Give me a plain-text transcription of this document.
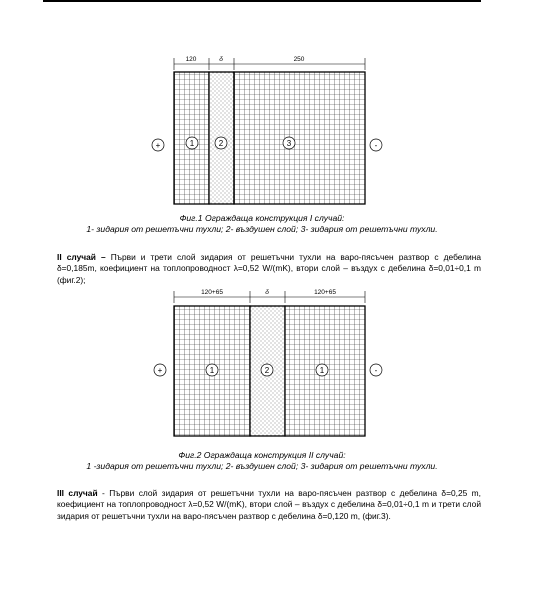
120	δ	250
1	2	3
+	-
120+65	δ	120+65
1	2	1
+	-
Фиг.1 Ограждаща конструкция I случай:
1- зидария от решетъчни тухли; 2- въздушен слой; 3- зидария от решетъчни тухли.
II случай – Първи и трети слой зидария от решетъчни тухли на варо-пясъчен разтвор с дебелина δ=0,185m, коефициент на топлопроводност λ=0,52 W/(mK), втори слой – въздух с дебелина δ=0,01÷0,1 m (фиг.2);
Фиг.2 Ограждаща конструкция II случай:
1 -зидария от решетъчни тухли; 2- въздушен слой; 3- зидария от решетъчни тухли.
III случай - Първи слой зидария от решетъчни тухли на варо-пясъчен разтвор с дебелина δ=0,25 m, коефициент на топлопроводност λ=0,52 W/(mK), втори слой – въздух с дебелина δ=0,01÷0,1 m и трети слой зидария от решетъчни тухли на варо-пясъчен разтвор с дебелина δ=0,120 m, (фиг.3).
